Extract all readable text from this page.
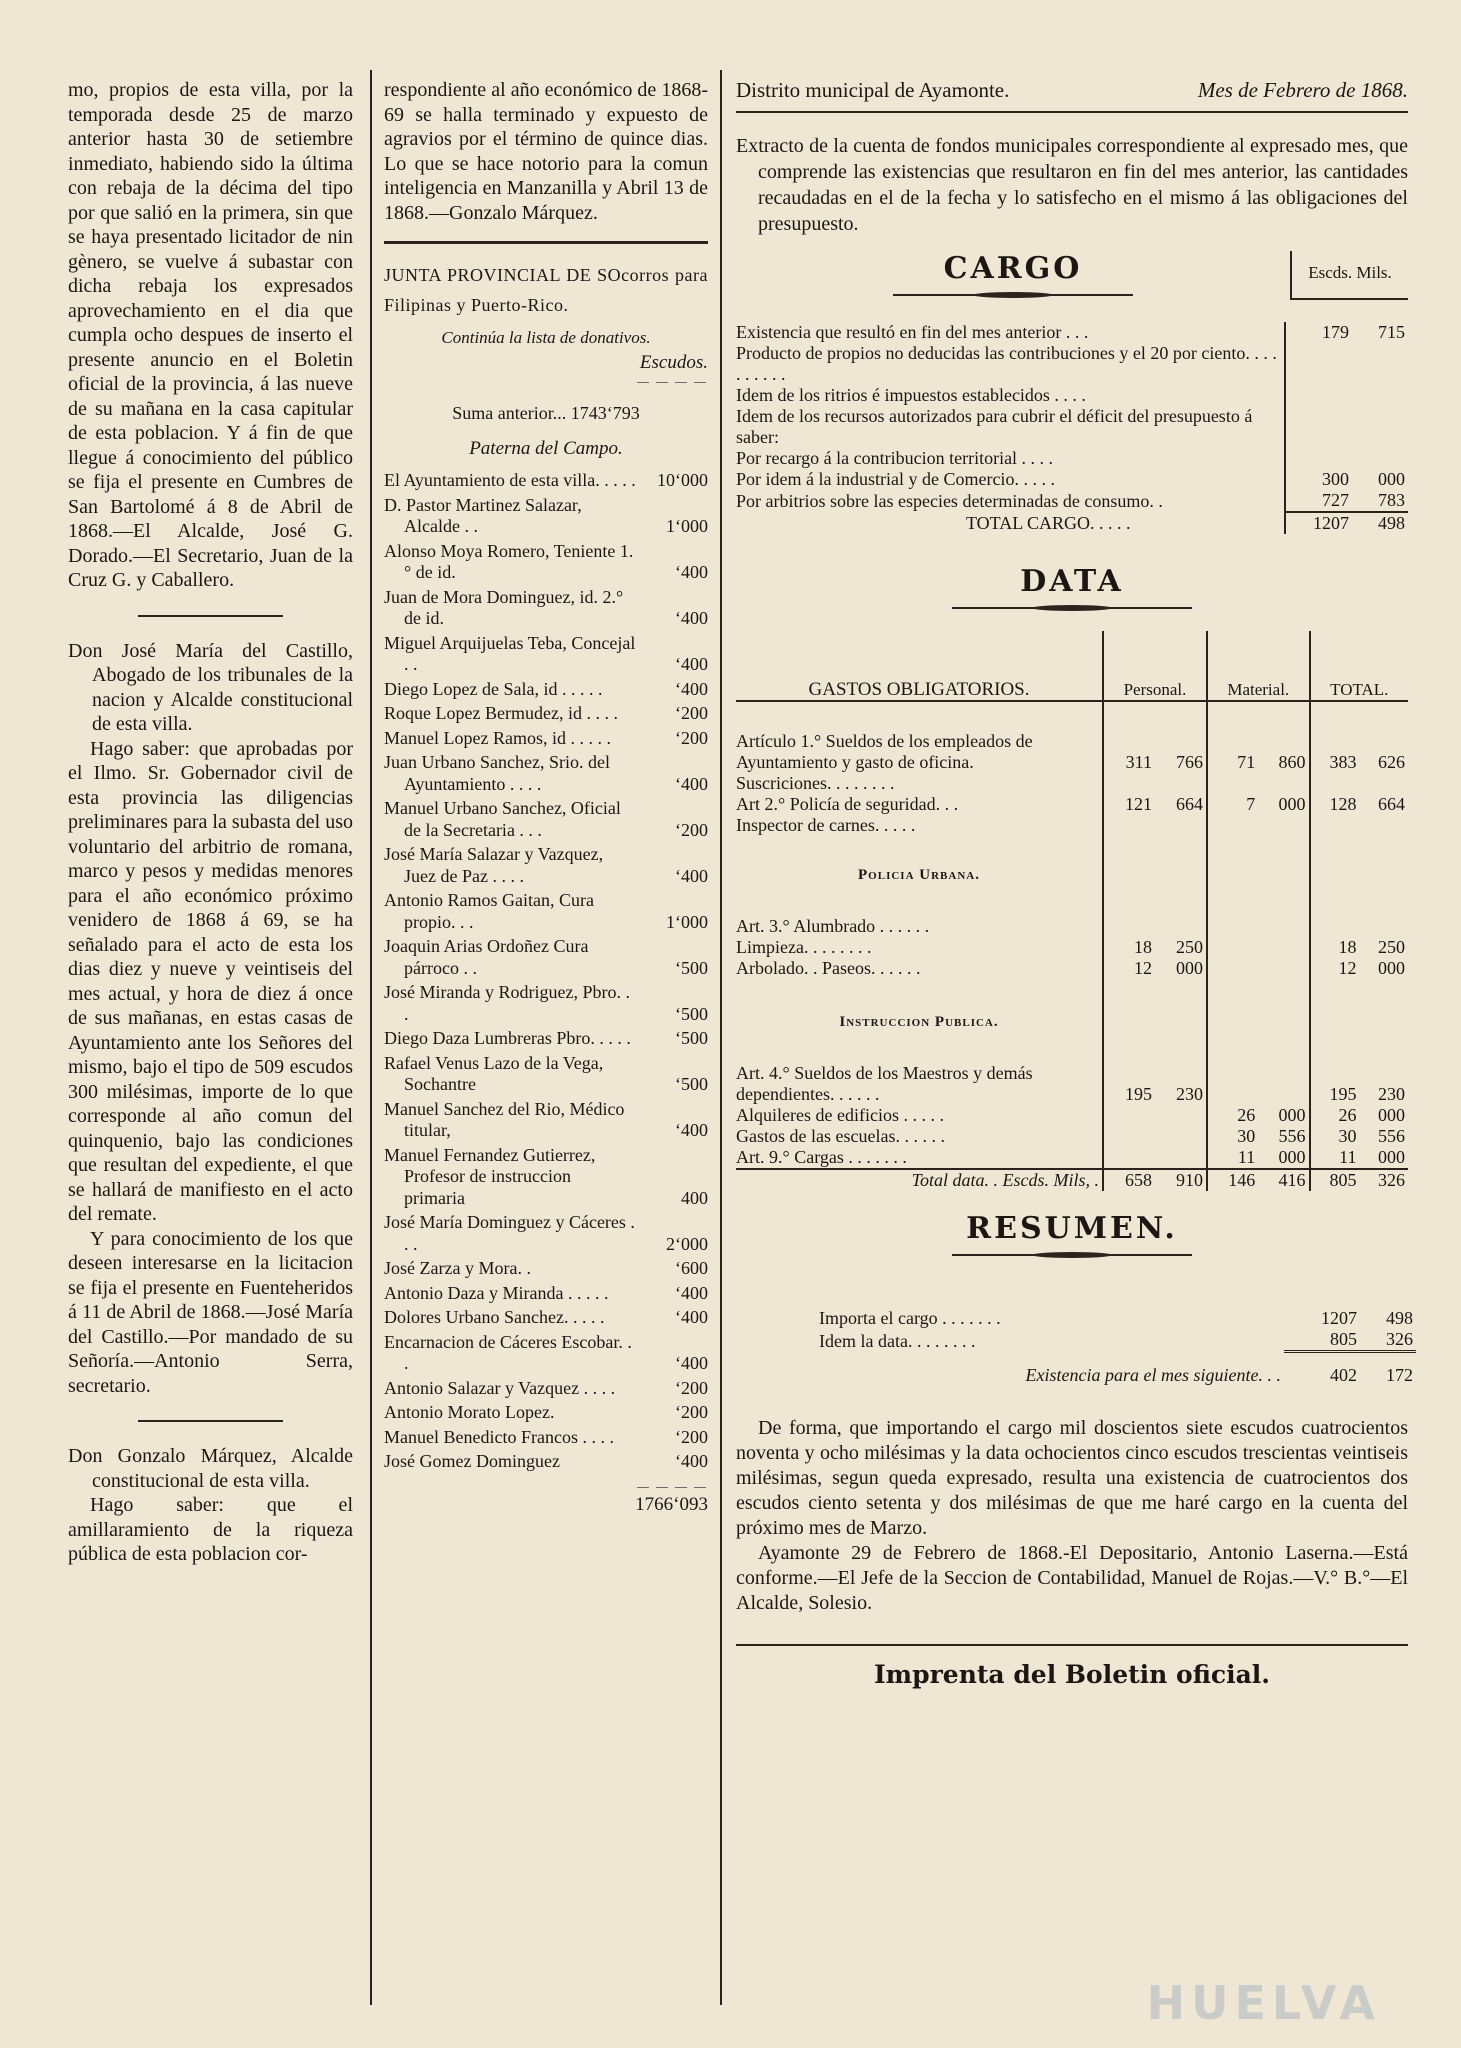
mo, propios de esta villa, por la temporada desde 25 de marzo anterior hasta 30 de setiembre inmediato, habiendo sido la última con rebaja de la décima del tipo por que salió en la primera, sin que se haya presentado licitador de nin gènero, se vuelve á subastar con dicha rebaja los expresados aprovechamiento en el dia que cumpla ocho despues de inserto el presente anuncio en el Boletin oficial de la provincia, á las nueve de su mañana en la casa capitular de esta poblacion. Y á fin de que llegue á conocimiento del público se fija el presente en Cumbres de San Bartolomé á 8 de Abril de 1868.—El Alcalde, José G. Dorado.—El Secretario, Juan de la Cruz G. y Caballero.

Don José María del Castillo, Abogado de los tribunales de la nacion y Alcalde constitucional de esta villa.

Hago saber: que aprobadas por el Ilmo. Sr. Gobernador civil de esta provincia las diligencias preliminares para la subasta del uso voluntario del arbitrio de romana, marco y pesos y medidas menores para el año económico próximo venidero de 1868 á 69, se ha señalado para el acto de esta los dias diez y nueve y veintiseis del mes actual, y hora de diez á once de sus mañanas, en estas casas de Ayuntamiento ante los Señores del mismo, bajo el tipo de 509 escudos 300 milésimas, importe de lo que corresponde al año comun del quinquenio, bajo las condiciones que resultan del expediente, el que se hallará de manifiesto en el acto del remate.

Y para conocimiento de los que deseen interesarse en la licitacion se fija el presente en Fuenteheridos á 11 de Abril de 1868.—José María del Castillo.—Por mandado de su Señoría.—Antonio Serra, secretario.

Don Gonzalo Márquez, Alcalde constitucional de esta villa.

Hago saber: que el amillaramiento de la riqueza pública de esta poblacion cor-

respondiente al año económico de 1868-69 se halla terminado y expuesto de agravios por el término de quince dias. Lo que se hace notorio para la comun inteligencia en Manzanilla y Abril 13 de 1868.—Gonzalo Márquez.

JUNTA PROVINCIAL DE SOcorros para Filipinas y Puerto-Rico.
Continúa la lista de donativos.
Escudos.
— — — —
Suma anterior... 1743‘793
Paterna del Campo.
El Ayuntamiento de esta villa. . . . .	10‘000
D. Pastor Martinez Salazar, Alcalde . .	1‘000
Alonso Moya Romero, Teniente 1.° de id.	‘400
Juan de Mora Dominguez, id. 2.° de id.	‘400
Miguel Arquijuelas Teba, Concejal . .	‘400
Diego Lopez de Sala, id . . . . .	‘400
Roque Lopez Bermudez, id . . . .	‘200
Manuel Lopez Ramos, id . . . . .	‘200
Juan Urbano Sanchez, Srio. del Ayuntamiento . . . .	‘400
Manuel Urbano Sanchez, Oficial de la Secretaria . . .	‘200
José María Salazar y Vazquez, Juez de Paz . . . .	‘400
Antonio Ramos Gaitan, Cura propio. . .	1‘000
Joaquin Arias Ordoñez Cura párroco . .	‘500
José Miranda y Rodriguez, Pbro. . .	‘500
Diego Daza Lumbreras Pbro. . . . .	‘500
Rafael Venus Lazo de la Vega, Sochantre	‘500
Manuel Sanchez del Rio, Médico titular,	‘400
Manuel Fernandez Gutierrez, Profesor de instruccion primaria	400
José María Dominguez y Cáceres . . .	2‘000
José Zarza y Mora. .	‘600
Antonio Daza y Miranda . . . . .	‘400
Dolores Urbano Sanchez. . . . .	‘400
Encarnacion de Cáceres Escobar. . .	‘400
Antonio Salazar y Vazquez . . . .	‘200
Antonio Morato Lopez.	‘200
Manuel Benedicto Francos . . . .	‘200
José Gomez Dominguez	‘400
— — — —
1766‘093
Distrito municipal de Ayamonte.	Mes de Febrero de 1868.

Extracto de la cuenta de fondos municipales correspondiente al expresado mes, que comprende las existencias que resultaron en fin del mes anterior, las cantidades recaudadas en el de la fecha y lo satisfecho en el mismo á las obligaciones del presupuesto.

CARGO	Escds. Mils.
Existencia que resultó en fin del mes anterior . . .	179	715
Producto de propios no deducidas las contribuciones y el 20 por ciento. . . . . . . . . .		
Idem de los ritrios é impuestos establecidos . . . .		
Idem de los recursos autorizados para cubrir el déficit del presupuesto á saber:		
Por recargo á la contribucion territorial . . . .		
Por idem á la industrial y de Comercio. . . . .	300	000
Por arbitrios sobre las especies determinadas de consumo. .	727	783
TOTAL CARGO. . . . .	1207	498
DATA
GASTOS OBLIGATORIOS.	Personal.		Material.		TOTAL.	

Artículo 1.° Sueldos de los empleados de Ayuntamiento y gasto de oficina.	311	766	71	860	383	626
Suscriciones. . . . . . . .						
Art 2.° Policía de seguridad. . .	121	664	7	000	128	664
Inspector de carnes. . . . .						
Policia Urbana.						

Art. 3.° Alumbrado . . . . . .						
Limpieza. . . . . . . .	18	250			18	250
Arbolado. . Paseos. . . . . .	12	000			12	000
Instruccion Publica.						

Art. 4.° Sueldos de los Maestros y demás dependientes. . . . . .	195	230			195	230
Alquileres de edificios . . . . .			26	000	26	000
Gastos de las escuelas. . . . . .			30	556	30	556
Art. 9.° Cargas . . . . . . .			11	000	11	000
Total data. . Escds. Mils, .	658	910	146	416	805	326
RESUMEN.
Importa el cargo . . . . . . .	1207	498
Idem la data. . . . . . . .	805	326
Existencia para el mes siguiente. . .	402	172

De forma, que importando el cargo mil doscientos siete escudos cuatrocientos noventa y ocho milésimas y la data ochocientos cinco escudos trescientas veintiseis milésimas, segun queda expresado, resulta una existencia de cuatrocientos dos escudos ciento setenta y dos milésimas de que me haré cargo en la cuenta del próximo mes de Marzo.

Ayamonte 29 de Febrero de 1868.-El Depositario, Antonio Laserna.—Está conforme.—El Jefe de la Seccion de Contabilidad, Manuel de Rojas.—V.° B.°—El Alcalde, Solesio.

Imprenta del Boletin oficial.
HUELVA
